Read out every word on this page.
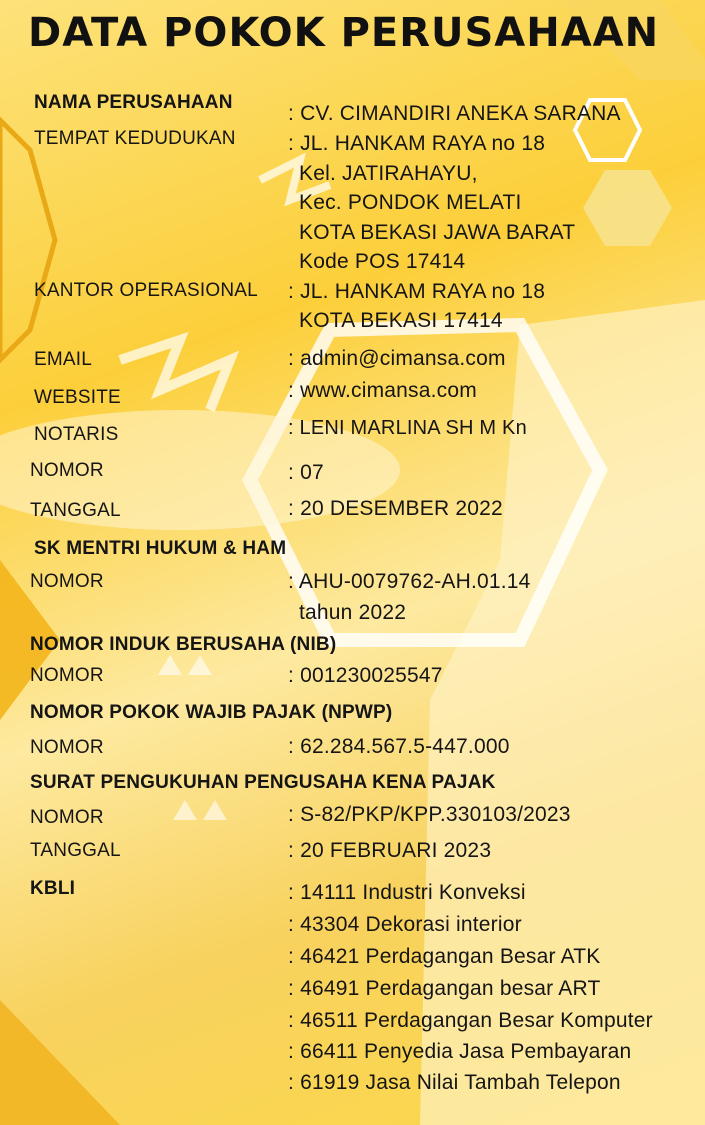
DATA POKOK PERUSAHAAN
NAMA PERUSAHAAN	: CV. CIMANDIRI ANEKA SARANA
TEMPAT KEDUDUKAN : JL. HANKAM RAYA no 18
Kel. JATIRAHAYU,
Kec. PONDOK MELATI
KOTA BEKASI JAWA BARAT
Kode POS 17414
KANTOR OPERASIONAL : JL. HANKAM RAYA no 18
KOTA BEKASI 17414
EMAIL	: admin@cimansa.com
WEBSITE	: www.cimansa.com
NOTARIS	: LENI MARLINA SH M Kn
NOMOR	: 07
TANGGAL	: 20 DESEMBER 2022
SK MENTRI HUKUM & HAM
NOMOR	: AHU-0079762-AH.01.14
tahun 2022
NOMOR INDUK BERUSAHA (NIB)
NOMOR	: 001230025547
NOMOR POKOK WAJIB PAJAK (NPWP)
NOMOR	: 62.284.567.5-447.000
SURAT PENGUKUHAN PENGUSAHA KENA PAJAK
NOMOR	: S-82/PKP/KPP.330103/2023
TANGGAL	: 20 FEBRUARI 2023
KBLI	: 14111 Industri Konveksi
: 43304 Dekorasi interior
: 46421 Perdagangan Besar ATK
: 46491 Perdagangan besar ART
: 46511 Perdagangan Besar Komputer
: 66411 Penyedia Jasa Pembayaran
: 61919 Jasa Nilai Tambah Telepon
